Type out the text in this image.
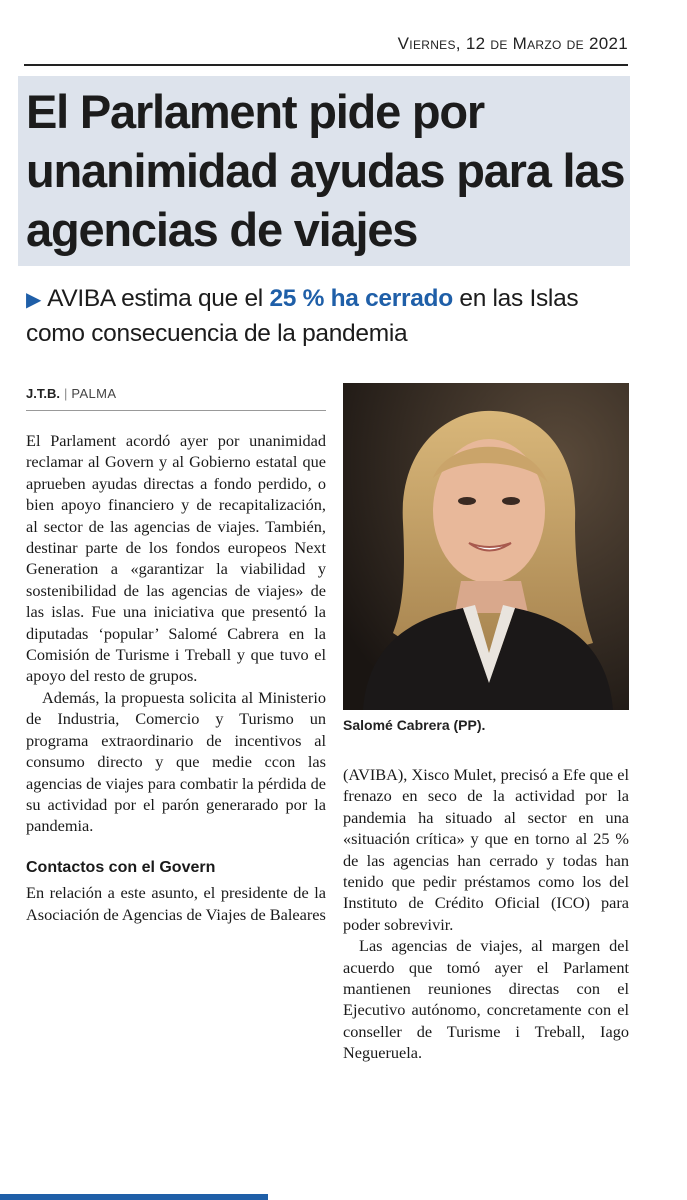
Viernes, 12 de Marzo de 2021
El Parlament pide por unanimidad ayudas para las agencias de viajes
▶ AVIBA estima que el 25 % ha cerrado en las Islas como consecuencia de la pandemia
J.T.B. | PALMA

El Parlament acordó ayer por unanimidad reclamar al Govern y al Gobierno estatal que aprueben ayudas directas a fondo perdido, o bien apoyo financiero y de recapitalización, al sector de las agencias de viajes. También, destinar parte de los fondos europeos Next Generation a «garantizar la viabilidad y sostenibilidad de las agencias de viajes» de las islas. Fue una iniciativa que presentó la diputadas ‘popular’ Salomé Cabrera en la Comisión de Turisme i Treball y que tuvo el apoyo del resto de grupos.

Además, la propuesta solicita al Ministerio de Industria, Comercio y Turismo un programa extraordinario de incentivos al consumo directo y que medie ccon las agencias de viajes para combatir la pérdida de su actividad por el parón generarado por la pandemia.

Contactos con el Govern

En relación a este asunto, el presidente de la Asociación de Agencias de Viajes de Baleares

Salomé Cabrera (PP).

(AVIBA), Xisco Mulet, precisó a Efe que el frenazo en seco de la actividad por la pandemia ha situado al sector en una «situación crítica» y que en torno al 25 % de las agencias han cerrado y todas han tenido que pedir préstamos como los del Instituto de Crédito Oficial (ICO) para poder sobrevivir.

Las agencias de viajes, al margen del acuerdo que tomó ayer el Parlament mantienen reuniones directas con el Ejecutivo autónomo, concretamente con el conseller de Turisme i Treball, Iago Negueruela.
